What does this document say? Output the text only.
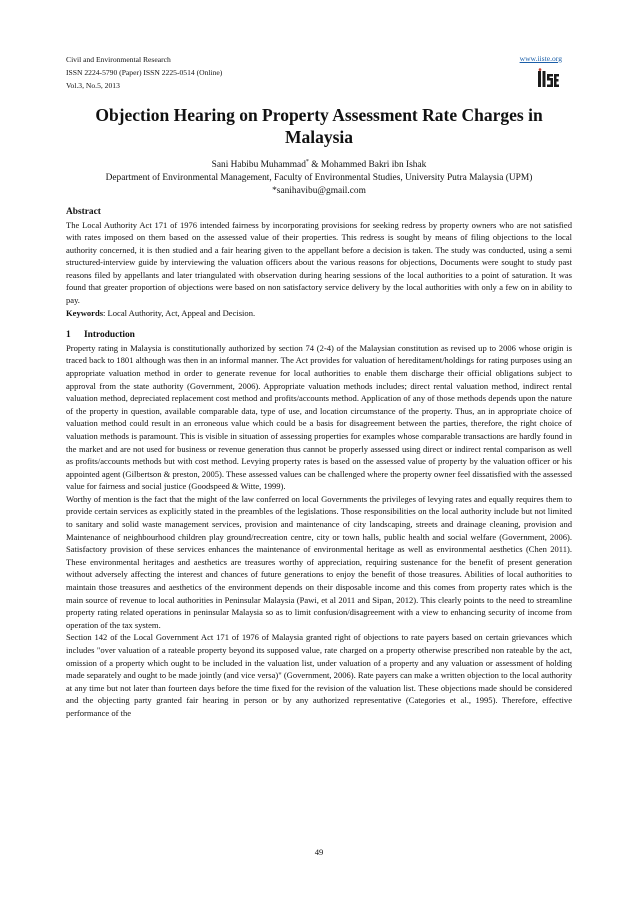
Civil and Environmental Research
ISSN 2224-5790 (Paper) ISSN 2225-0514 (Online)
Vol.3, No.5, 2013
www.iiste.org
Objection Hearing on Property Assessment Rate Charges in Malaysia
Sani Habibu Muhammad* & Mohammed Bakri ibn Ishak
Department of Environmental Management, Faculty of Environmental Studies, University Putra Malaysia (UPM)
*sanihavibu@gmail.com
Abstract

The Local Authority Act 171 of 1976 intended fairness by incorporating provisions for seeking redress by property owners who are not satisfied with rates imposed on them based on the assessed value of their properties. This redress is sought by means of filing objections to the local authority concerned, it is then studied and a fair hearing given to the appellant before a decision is taken. The study was conducted, using a semi structured-interview guide by interviewing the valuation officers about the various reasons for objections, Documents were sought to study past reasons filed by appellants and later triangulated with observation during hearing sessions of the local authorities to a point of saturation. It was found that greater proportion of objections were based on non satisfactory service delivery by the local authorities with only a few on in ability to pay.

Keywords: Local Authority, Act, Appeal and Decision.

1 Introduction

Property rating in Malaysia is constitutionally authorized by section 74 (2-4) of the Malaysian constitution as revised up to 2006 whose origin is traced back to 1801 although was then in an informal manner. The Act provides for valuation of hereditament/holdings for rating purposes using an appropriate valuation method in order to generate revenue for local authorities to enable them discharge their official obligations subject to approval from the state authority (Government, 2006). Appropriate valuation methods includes; direct rental valuation method, indirect rental valuation method, depreciated replacement cost method and profits/accounts method. Application of any of those methods depends upon the nature of the property in question, available comparable data, type of use, and location circumstance of the property. Thus, an in appropriate choice of valuation method could result in an erroneous value which could be a basis for disagreement between the parties, therefore, the right choice of valuation methods is paramount. This is visible in situation of assessing properties for examples whose comparable transactions are hardly found in the market and are not used for business or revenue generation thus cannot be properly assessed using direct or indirect rental comparison as well as profits/accounts methods but with cost method. Levying property rates is based on the assessed value of property by the valuation officer or his appointed agent (Gilbertson & preston, 2005). These assessed values can be challenged where the property owner feel dissatisfied with the assessed value for fairness and social justice (Goodspeed & Witte, 1999).

Worthy of mention is the fact that the might of the law conferred on local Governments the privileges of levying rates and equally requires them to provide certain services as explicitly stated in the preambles of the legislations. Those responsibilities on the local authority include but not limited to sanitary and solid waste management services, provision and maintenance of city landscaping, streets and drainage cleaning, provision and Maintenance of neighbourhood children play ground/recreation centre, city or town halls, public health and social welfare (Government, 2006). Satisfactory provision of these services enhances the maintenance of environmental heritage as well as environmental aesthetics (Chen 2011). These environmental heritages and aesthetics are treasures worthy of appreciation, requiring sustenance for the benefit of present generation without adversely affecting the interest and chances of future generations to enjoy the benefit of those treasures. Abilities of local authorities to maintain those treasures and aesthetics of the environment depends on their disposable income and this comes from property rates which is the main source of revenue to local authorities in Peninsular Malaysia (Pawi, et al 2011 and Sipan, 2012). This clearly points to the need to streamline property rating related operations in peninsular Malaysia so as to limit confusion/disagreement with a view to enhancing security of income from operation of the tax system.

Section 142 of the Local Government Act 171 of 1976 of Malaysia granted right of objections to rate payers based on certain grievances which includes "over valuation of a rateable property beyond its supposed value, rate charged on a property otherwise prescribed non rateable by the act, omission of a property which ought to be included in the valuation list, under valuation of a property and any valuation or assessment of holding made separately and ought to be made jointly (and vice versa)" (Government, 2006). Rate payers can make a written objection to the local authority at any time but not later than fourteen days before the time fixed for the revision of the valuation list. These objections made should be considered and the objecting party granted fair hearing in person or by any authorized representative (Categories et al., 1995). Therefore, effective performance of the

49
